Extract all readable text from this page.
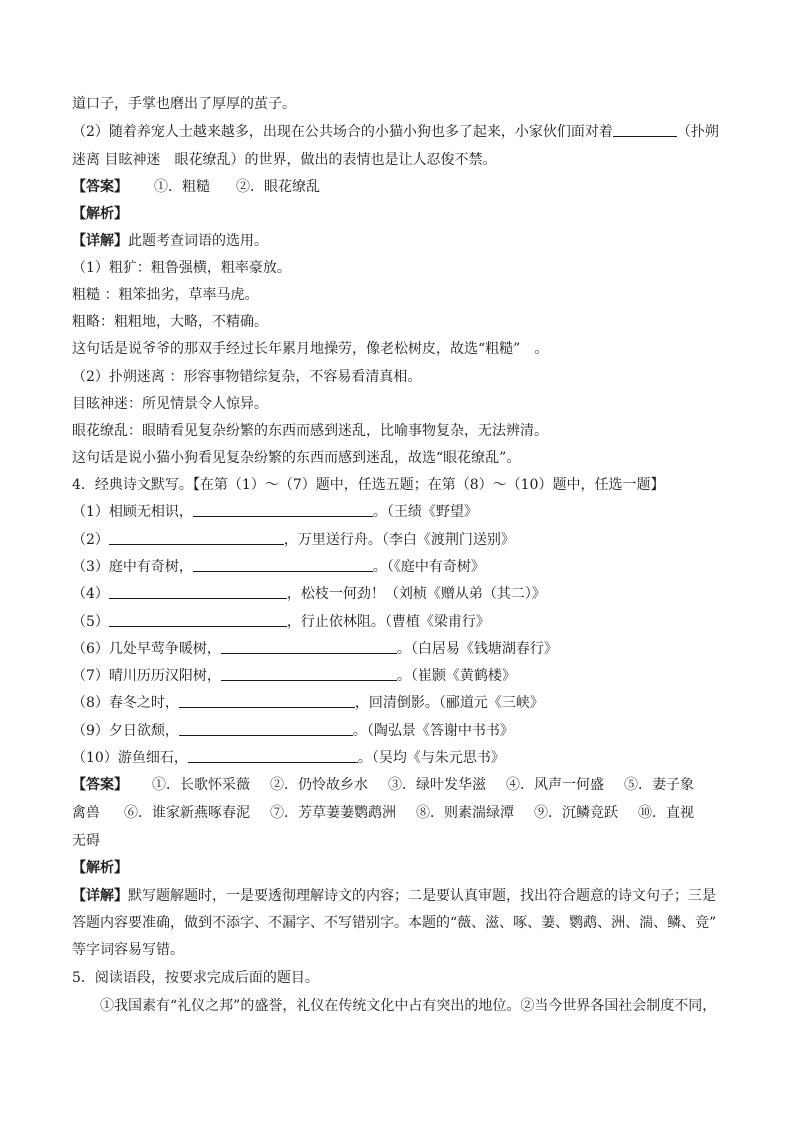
道口子，手掌也磨出了厚厚的茧子。
（2）随着养宠人士越来越多，出现在公共场合的小猫小狗也多了起来，小家伙们面对着	（扑朔
迷离 目眩神迷　眼花缭乱）的世界，做出的表情也是让人忍俊不禁。
【答案】 ①．粗糙 ②．眼花缭乱
【解析】
【详解】此题考查词语的选用。
（1）粗犷：粗鲁强横，粗率豪放。
粗糙 ：粗笨拙劣，草率马虎。
粗略：粗粗地，大略，不精确。
这句话是说爷爷的那双手经过长年累月地操劳，像老松树皮，故选“粗糙”　。
（2）扑朔迷离 ：形容事物错综复杂，不容易看清真相。
目眩神迷：所见情景令人惊异。
眼花缭乱：眼睛看见复杂纷繁的东西而感到迷乱，比喻事物复杂，无法辨清。
这句话是说小猫小狗看见复杂纷繁的东西而感到迷乱，故选“眼花缭乱”。
4．经典诗文默写。【在第（1）～（7）题中，任选五题；在第（8）～（10）题中，任选一题】
（1）相顾无相识，	。（王绩《野望》
（2）	，万里送行舟。（李白《渡荆门送别》
（3）庭中有奇树，	。（《庭中有奇树》
（4）	，松枝一何劲！（刘桢《赠从弟（其二）》
（5）	，行止依林阻。（曹植《梁甫行》
（6）几处早莺争暖树，	。（白居易《钱塘湖春行》
（7）晴川历历汉阳树，	。（崔颢《黄鹤楼》
（8）春冬之时，	，回清倒影。（郦道元《三峡》
（9）夕日欲颓，	。（陶弘景《答谢中书书》
（10）游鱼细石，	。（吴均《与朱元思书》
【答案】 ①．长歌怀采薇 ②．仍怜故乡水 ③．绿叶发华滋 ④．风声一何盛 ⑤．妻子象
禽兽 ⑥．谁家新燕啄春泥 ⑦．芳草萋萋鹦鹉洲 ⑧．则素湍绿潭 ⑨．沉鳞竞跃 ⑩．直视
无碍
【解析】
【详解】默写题解题时，一是要透彻理解诗文的内容；二是要认真审题，找出符合题意的诗文句子；三是
答题内容要准确，做到不添字、不漏字、不写错别字。本题的“薇、滋、啄、萋、鹦鹉、洲、湍、鳞、竞”
等字词容易写错。
5．阅读语段，按要求完成后面的题目。
①我国素有“礼仪之邦”的盛誉，礼仪在传统文化中占有突出的地位。②当今世界各国社会制度不同，
